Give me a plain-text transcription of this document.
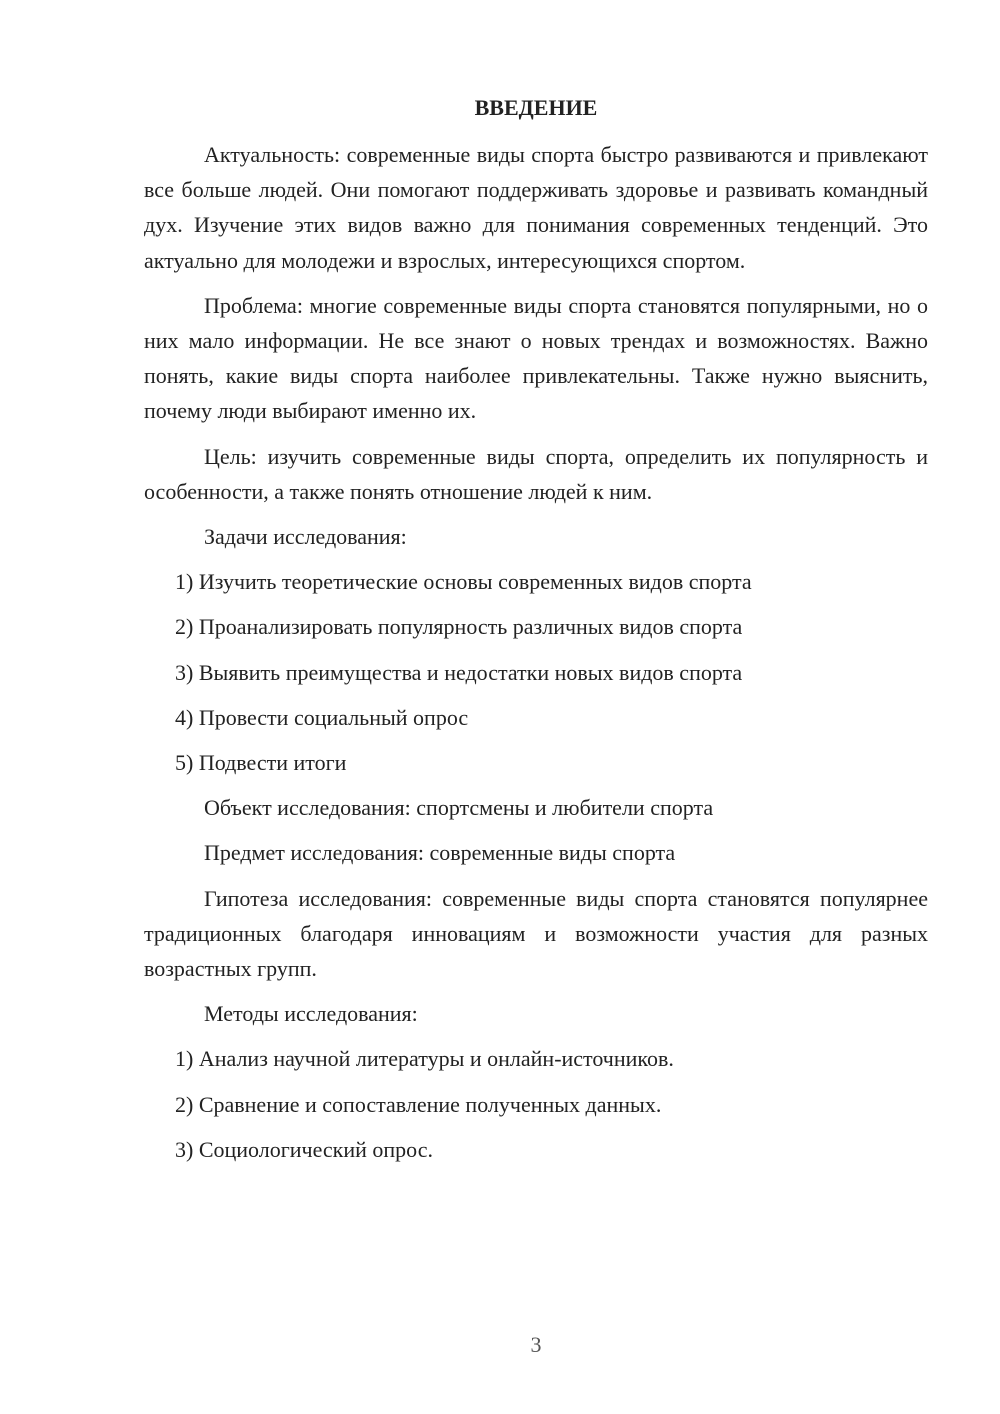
ВВЕДЕНИЕ

Актуальность: современные виды спорта быстро развиваются и привлекают все больше людей. Они помогают поддерживать здоровье и развивать командный дух. Изучение этих видов важно для понимания современных тенденций. Это актуально для молодежи и взрослых, интересующихся спортом.

Проблема: многие современные виды спорта становятся популярными, но о них мало информации. Не все знают о новых трендах и возможностях. Важно понять, какие виды спорта наиболее привлекательны. Также нужно выяснить, почему люди выбирают именно их.

Цель: изучить современные виды спорта, определить их популярность и особенности, а также понять отношение людей к ним.

Задачи исследования:

1) Изучить теоретические основы современных видов спорта

2) Проанализировать популярность различных видов спорта

3) Выявить преимущества и недостатки новых видов спорта

4) Провести социальный опрос

5) Подвести итоги

Объект исследования: спортсмены и любители спорта

Предмет исследования: современные виды спорта

Гипотеза исследования: современные виды спорта становятся популярнее традиционных благодаря инновациям и возможности участия для разных возрастных групп.

Методы исследования:

1) Анализ научной литературы и онлайн-источников.

2) Сравнение и сопоставление полученных данных.

3) Социологический опрос.

3
